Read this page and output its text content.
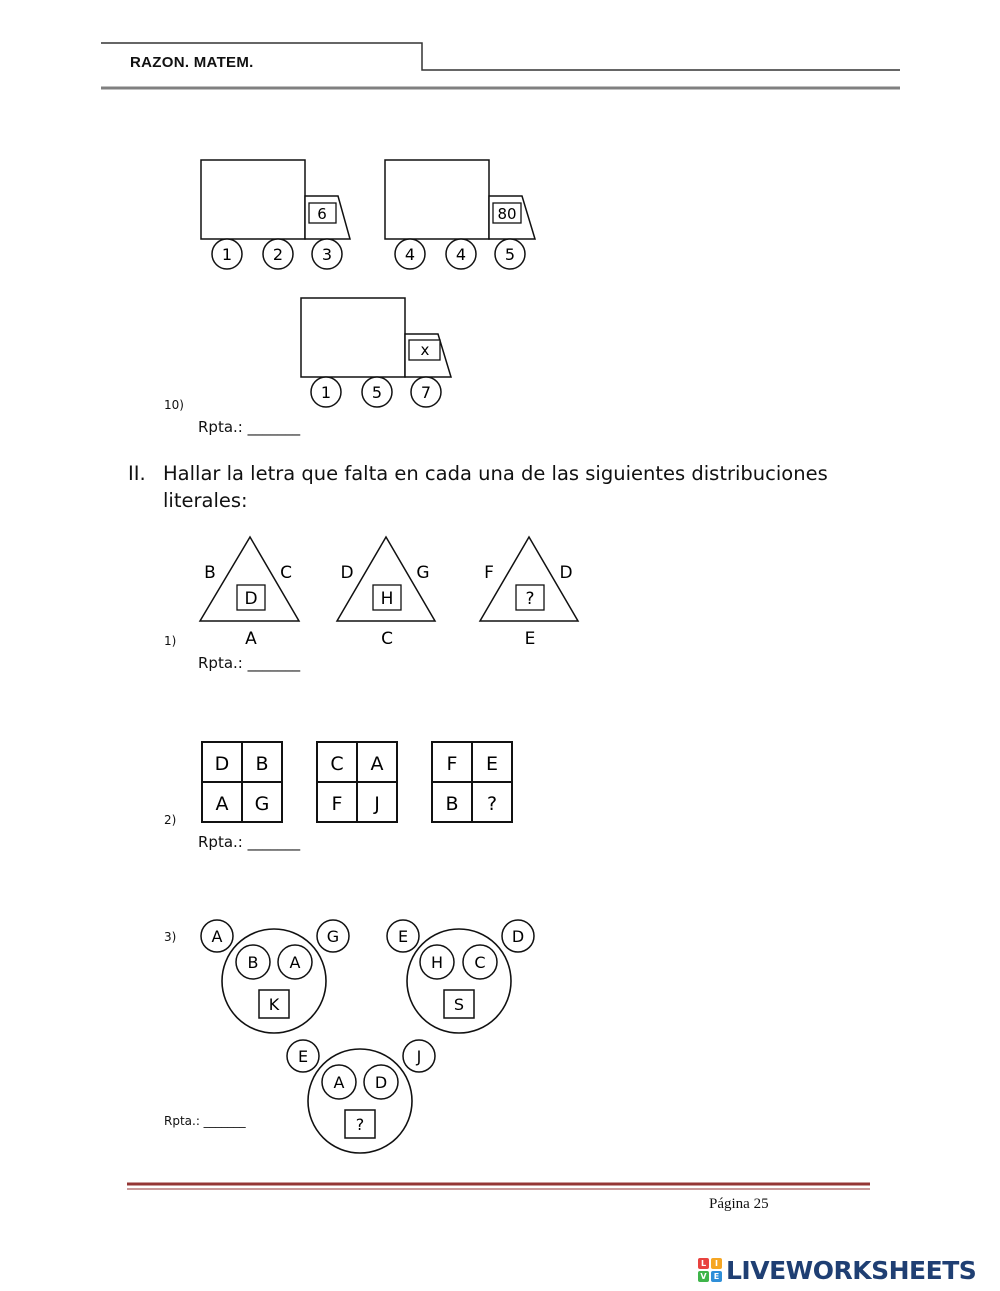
RAZON. MATEM.
6
1	2 3
80
4	4 5
x
1	5 7
10)
Rpta.: _______
II. Hallar la letra que falta en cada una de las siguientes distribuciones
literales:
D
B	C
A
H
D	G
C
?
F	D
E
1)
Rpta.: _______
D B
A G
C A
F J
F E
B ?
2)
Rpta.: _______
3) A	G
B A
K
E	D
H C
S
E	J
A D
?
Rpta.: _______
Página 25
L	I
V E LIVEWORKSHEETS
